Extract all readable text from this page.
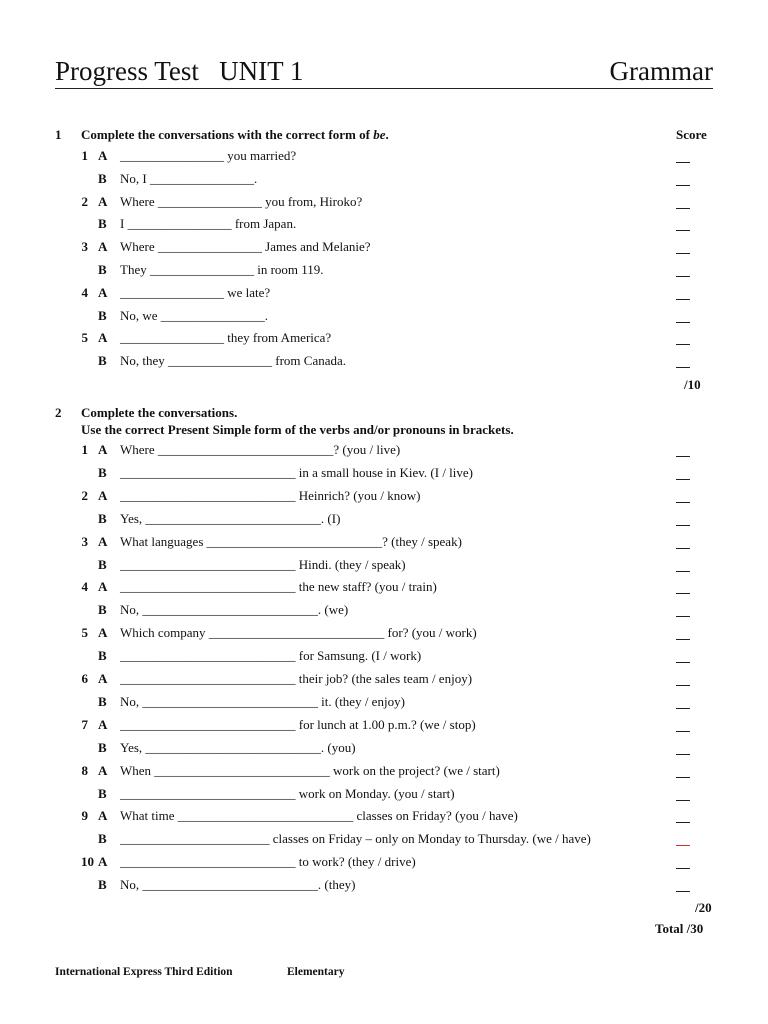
Progress Test   UNIT 1	Grammar
1 Complete the conversations with the correct form of be.	Score
1 A ________________ you married?
B No, I ________________.
2 A Where ________________ you from, Hiroko?
B I ________________ from Japan.
3 A Where ________________ James and Melanie?
B They ________________ in room 119.
4 A ________________ we late?
B No, we ________________.
5 A ________________ they from America?
B No, they ________________ from Canada.
/10
2 Complete the conversations.
Use the correct Present Simple form of the verbs and/or pronouns in brackets.
1 A Where ___________________________? (you / live)
B ___________________________ in a small house in Kiev. (I / live)
2 A ___________________________ Heinrich? (you / know)
B Yes, ___________________________. (I)
3 A What languages ___________________________? (they / speak)
B ___________________________ Hindi. (they / speak)
4 A ___________________________ the new staff? (you / train)
B No, ___________________________. (we)
5 A Which company ___________________________ for? (you / work)
B ___________________________ for Samsung. (I / work)
6 A ___________________________ their job? (the sales team / enjoy)
B No, ___________________________ it. (they / enjoy)
7 A ___________________________ for lunch at 1.00 p.m.? (we / stop)
B Yes, ___________________________. (you)
8 A When ___________________________ work on the project? (we / start)
B ___________________________ work on Monday. (you / start)
9 A What time ___________________________ classes on Friday? (you / have)
B _______________________ classes on Friday – only on Monday to Thursday. (we / have)
10 A ___________________________ to work? (they / drive)
B No, ___________________________. (they)
/20
Total /30
International Express Third Edition	Elementary
